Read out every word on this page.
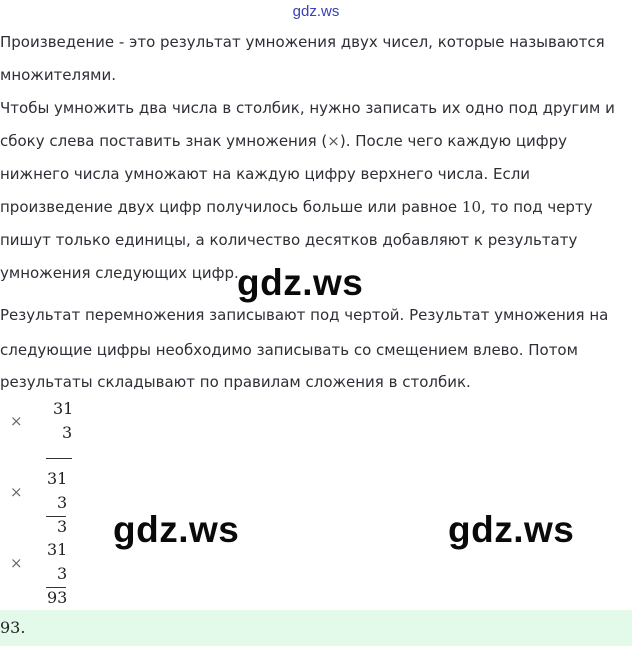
gdz.ws
Произведение - это результат умножения двух чисел, которые называются
множителями.
Чтобы умножить два числа в столбик, нужно записать их одно под другим и
сбоку слева поставить знак умножения (×). После чего каждую цифру
нижнего числа умножают на каждую цифру верхнего числа. Если
произведение двух цифр получилось больше или равное 10, то под черту
пишут только единицы, а количество десятков добавляют к результату
умножения следующих цифр.
Результат перемножения записывают под чертой. Результат умножения на
следующие цифры необходимо записывать со смещением влево. Потом
результаты складывают по правилам сложения в столбик.
×
31
3
×
31
3
3
×
31
3
93
gdz.ws
gdz.ws	gdz.ws
93.
